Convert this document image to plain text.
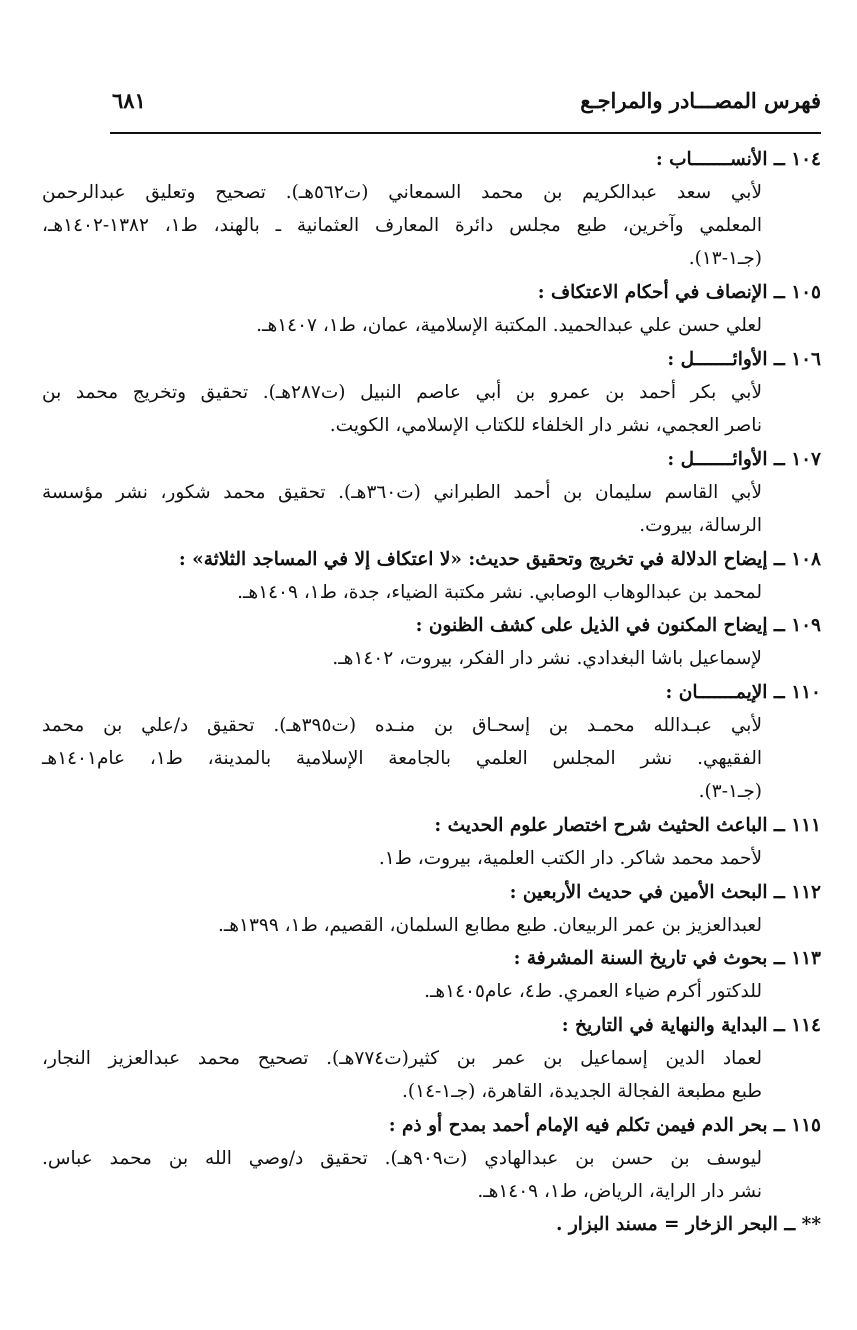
فهرس المصـــادر والمراجـع
٦٨١
١٠٤ ــ الأنســـــــاب :
لأبي سعد عبدالكريم بن محمد السمعاني (ت٥٦٢هـ). تصحيح وتعليق عبدالرحمن
المعلمي وآخرين، طبع مجلس دائرة المعارف العثمانية ـ بالهند، ط١، ١٣٨٢-١٤٠٢هـ،
(جـ١-١٣).
١٠٥ ــ الإنصاف في أحكام الاعتكاف :
لعلي حسن علي عبدالحميد. المكتبة الإسلامية، عمان، ط١، ١٤٠٧هـ.
١٠٦ ــ الأوائـــــــل :
لأبي بكر أحمد بن عمرو بن أبي عاصم النبيل (ت٢٨٧هـ). تحقيق وتخريج محمد بن
ناصر العجمي، نشر دار الخلفاء للكتاب الإسلامي، الكويت.
١٠٧ ــ الأوائـــــــل :
لأبي القاسم سليمان بن أحمد الطبراني (ت٣٦٠هـ). تحقيق محمد شكور، نشر مؤسسة
الرسالة، بيروت.
١٠٨ ــ إيضاح الدلالة في تخريج وتحقيق حديث: «لا اعتكاف إلا في المساجد الثلاثة» :
لمحمد بن عبدالوهاب الوصابي. نشر مكتبة الضياء، جدة، ط١، ١٤٠٩هـ.
١٠٩ ــ إيضاح المكنون في الذيل على كشف الظنون :
لإسماعيل باشا البغدادي. نشر دار الفكر، بيروت، ١٤٠٢هـ.
١١٠ ــ الإيمـــــــان :
لأبي عبـدالله محمـد بن إسحـاق بن منـده (ت٣٩٥هـ). تحقيق د/علي بن محمد
الفقيهي. نشر المجلس العلمي بالجامعة الإسلامية بالمدينة، ط١، عام١٤٠١هـ
(جـ١-٣).
١١١ ــ الباعث الحثيث شرح اختصار علوم الحديث :
لأحمد محمد شاكر. دار الكتب العلمية، بيروت، ط١.
١١٢ ــ البحث الأمين في حديث الأربعين :
لعبدالعزيز بن عمر الربيعان. طبع مطابع السلمان، القصيم، ط١، ١٣٩٩هـ.
١١٣ ــ بحوث في تاريخ السنة المشرفة :
للدكتور أكرم ضياء العمري. ط٤، عام١٤٠٥هـ.
١١٤ ــ البداية والنهاية في التاريخ :
لعماد الدين إسماعيل بن عمر بن كثير(ت٧٧٤هـ). تصحيح محمد عبدالعزيز النجار،
طبع مطبعة الفجالة الجديدة، القاهرة، (جـ١-١٤).
١١٥ ــ بحر الدم فيمن تكلم فيه الإمام أحمد بمدح أو ذم :
ليوسف بن حسن بن عبدالهادي (ت٩٠٩هـ). تحقيق د/وصي الله بن محمد عباس.
نشر دار الراية، الرياض، ط١، ١٤٠٩هـ.
** ــ البحر الزخار = مسند البزار .
